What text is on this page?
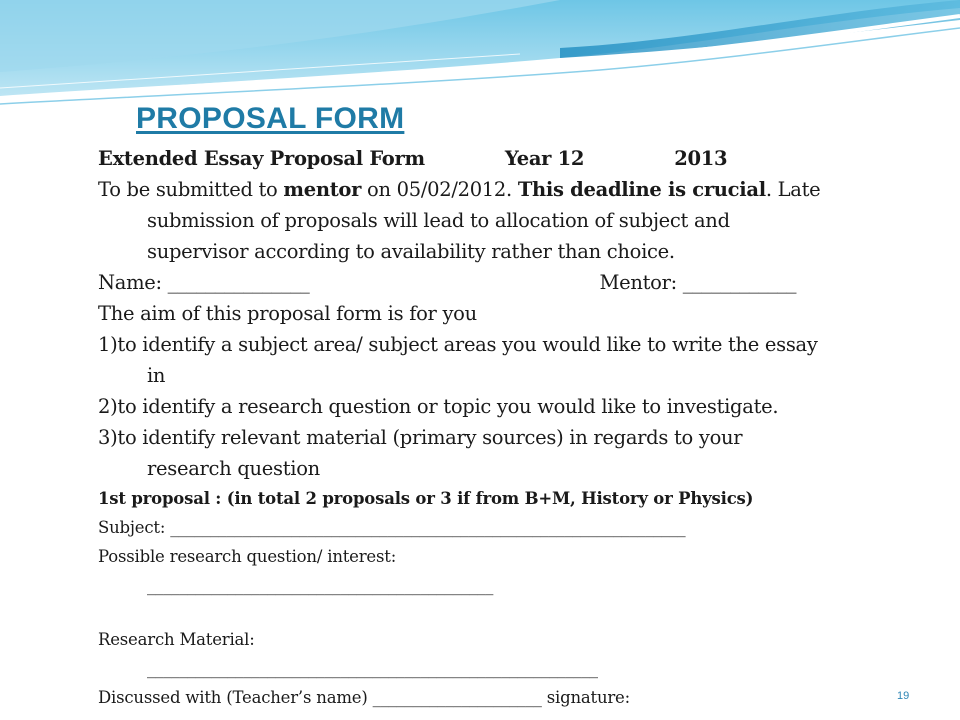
PROPOSAL FORM
Extended Essay Proposal Form	Year 12	2013
To be submitted to mentor on 05/02/2012. This deadline is crucial. Late
submission of proposals will lead to allocation of subject and
supervisor according to availability rather than choice.
Name: _______________	Mentor: ____________
The aim of this proposal form is for you
1)to identify a subject area/ subject areas you would like to write the essay
in
2)to identify a research question or topic you would like to investigate.
3)to identify relevant material (primary sources) in regards to your
research question
1st proposal : (in total 2 proposals or 3 if from B+M, History or Physics)
Subject: ________________________________________________________________
Possible research question/ interest:
___________________________________________
Research Material:
________________________________________________________
Discussed with (Teacher’s name) _____________________ signature:	19
